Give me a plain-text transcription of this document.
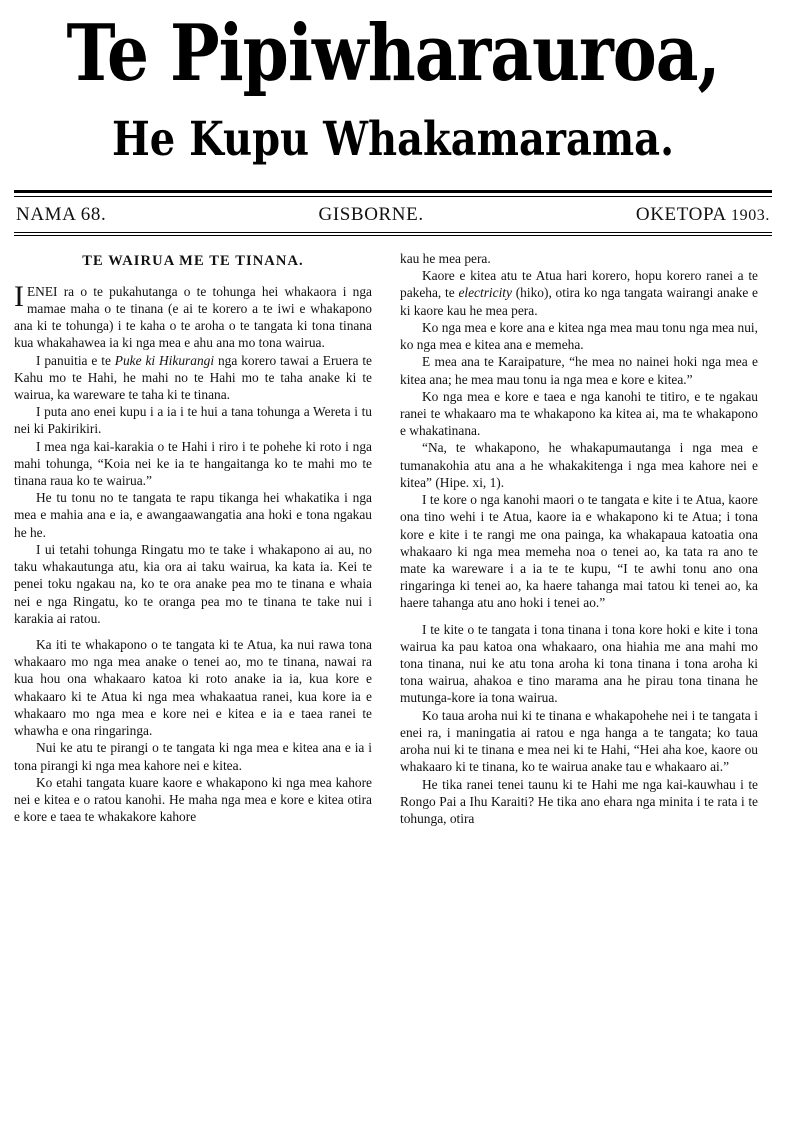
Te Pipiwharauroa,
He Kupu Whakamarama.
NAMA 68.	GISBORNE.	OKETOPA 1903.
TE WAIRUA ME TE TINANA.

IENEI ra o te pukahutanga o te tohunga hei whakaora i nga mamae maha o te tinana (e ai te korero a te iwi e whakapono ana ki te tohunga) i te kaha o te aroha o te tangata ki tona tinana kua whakahawea ia ki nga mea e ahu ana mo tona wairua.

I panuitia e te Puke ki Hikurangi nga korero tawai a Eruera te Kahu mo te Hahi, he mahi no te Hahi mo te taha anake ki te wairua, ka wareware te taha ki te tinana.

I puta ano enei kupu i a ia i te hui a tana tohunga a Wereta i tu nei ki Pakirikiri.

I mea nga kai-karakia o te Hahi i riro i te pohehe ki roto i nga mahi tohunga, “Koia nei ke ia te hangaitanga ko te mahi mo te tinana raua ko te wairua.”

He tu tonu no te tangata te rapu tikanga hei whakatika i nga mea e mahia ana e ia, e awangaawangatia ana hoki e tona ngakau he he.

I ui tetahi tohunga Ringatu mo te take i whakapono ai au, no taku whakautunga atu, kia ora ai taku wairua, ka kata ia. Kei te penei toku ngakau na, ko te ora anake pea mo te tinana e whaia nei e nga Ringatu, ko te oranga pea mo te tinana te take nui i karakia ai ratou.

Ka iti te whakapono o te tangata ki te Atua, ka nui rawa tona whakaaro mo nga mea anake o tenei ao, mo te tinana, nawai ra kua hou ona whakaaro katoa ki roto anake ia ia, kua kore e whakaaro ki te Atua ki nga mea whakaatua ranei, kua kore ia e whakaaro mo nga mea e kore nei e kitea e ia e taea ranei te whawha e ona ringaringa.

Nui ke atu te pirangi o te tangata ki nga mea e kitea ana e ia i tona pirangi ki nga mea kahore nei e kitea.

Ko etahi tangata kuare kaore e whakapono ki nga mea kahore nei e kitea e o ratou kanohi. He maha nga mea e kore e kitea otira e kore e taea te whakakore kahore

kau he mea pera.

Kaore e kitea atu te Atua hari korero, hopu korero ranei a te pakeha, te electricity (hiko), otira ko nga tangata wairangi anake e ki kaore kau he mea pera.

Ko nga mea e kore ana e kitea nga mea mau tonu nga mea nui, ko nga mea e kitea ana e memeha.

E mea ana te Karaipature, “he mea no nainei hoki nga mea e kitea ana; he mea mau tonu ia nga mea e kore e kitea.”

Ko nga mea e kore e taea e nga kanohi te titiro, e te ngakau ranei te whakaaro ma te whakapono ka kitea ai, ma te whakapono e whakatinana.

“Na, te whakapono, he whakapumautanga i nga mea e tumanakohia atu ana a he whakakitenga i nga mea kahore nei e kitea” (Hipe. xi, 1).

I te kore o nga kanohi maori o te tangata e kite i te Atua, kaore ona tino wehi i te Atua, kaore ia e whakapono ki te Atua; i tona kore e kite i te rangi me ona painga, ka whakapaua katoatia ona whakaaro ki nga mea memeha noa o tenei ao, ka tata ra ano te mate ka wareware i a ia te te kupu, “I te awhi tonu ano ona ringaringa ki tenei ao, ka haere tahanga mai tatou ki tenei ao, ka haere tahanga atu ano hoki i tenei ao.”

I te kite o te tangata i tona tinana i tona kore hoki e kite i tona wairua ka pau katoa ona whakaaro, ona hiahia me ana mahi mo tona tinana, nui ke atu tona aroha ki tona tinana i tona aroha ki tona wairua, ahakoa e tino marama ana he pirau tona tinana he mutunga-kore ia tona wairua.

Ko taua aroha nui ki te tinana e whakapohehe nei i te tangata i enei ra, i maningatia ai ratou e nga hanga a te tangata; ko taua aroha nui ki te tinana e mea nei ki te Hahi, “Hei aha koe, kaore ou whakaaro ki te tinana, ko te wairua anake tau e whakaaro ai.”

He tika ranei tenei taunu ki te Hahi me nga kai-kauwhau i te Rongo Pai a Ihu Karaiti? He tika ano ehara nga minita i te rata i te tohunga, otira
